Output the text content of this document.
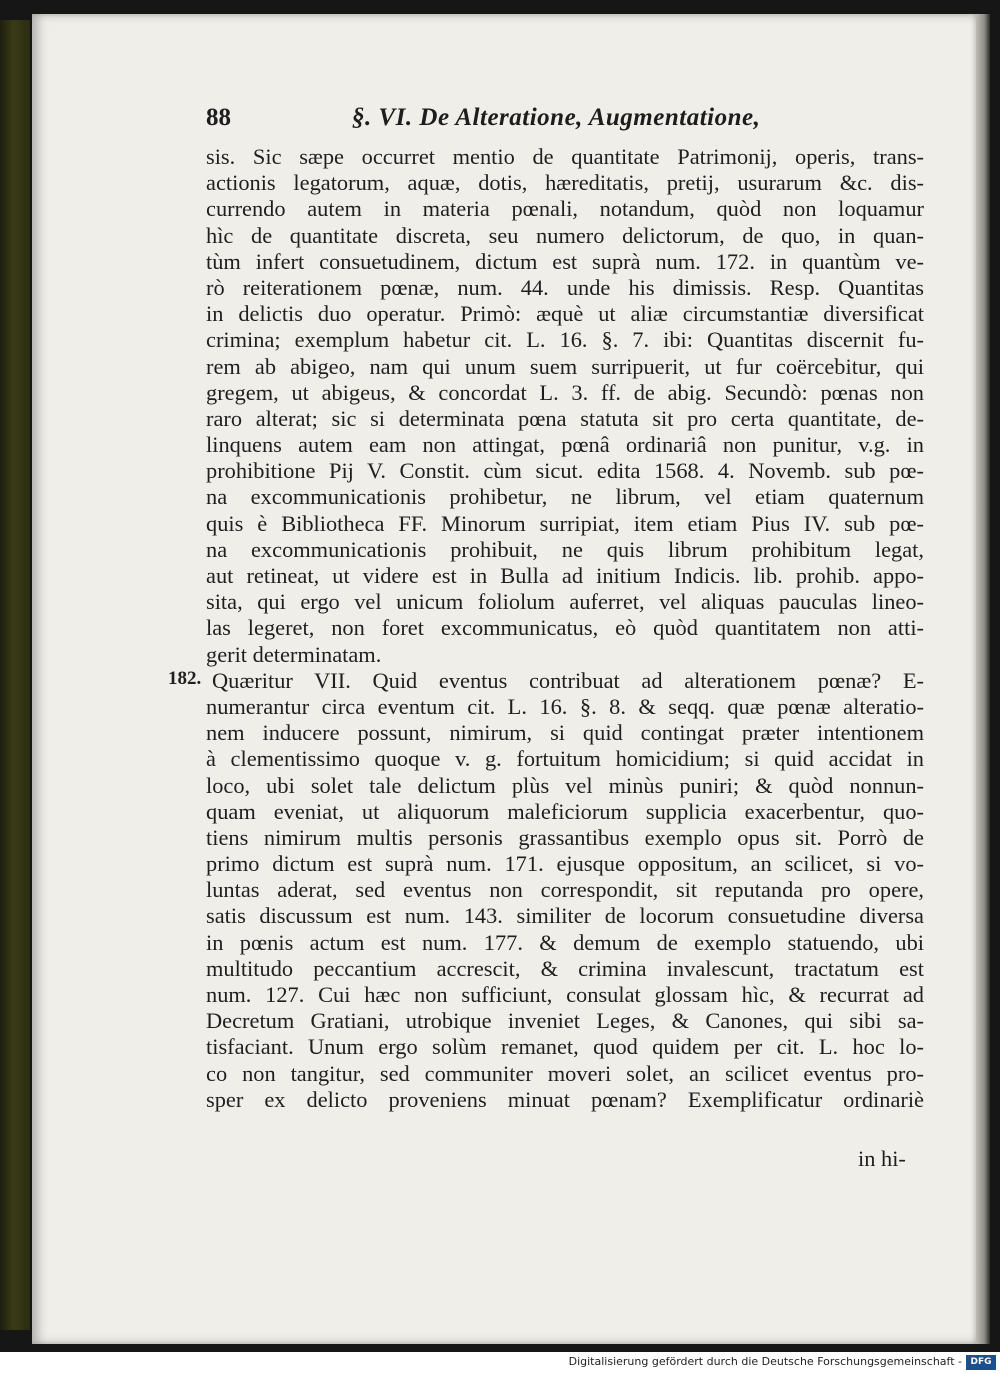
88	§. VI. De Alteratione, Augmentatione,
sis. Sic sæpe occurret mentio de quantitate Patrimonij, operis, trans-
actionis legatorum, aquæ, dotis, hæreditatis, pretij, usurarum &c. dis-
currendo autem in materia pœnali, notandum, quòd non loquamur
hìc de quantitate discreta, seu numero delictorum, de quo, in quan-
tùm infert consuetudinem, dictum est suprà num. 172. in quantùm ve-
rò reiterationem pœnæ, num. 44. unde his dimissis. Resp. Quantitas
in delictis duo operatur. Primò: æquè ut aliæ circumstantiæ diversificat
crimina; exemplum habetur cit. L. 16. §. 7. ibi: Quantitas discernit fu-
rem ab abigeo, nam qui unum suem surripuerit, ut fur coërcebitur, qui
gregem, ut abigeus, & concordat L. 3. ff. de abig. Secundò: pœnas non
raro alterat; sic si determinata pœna statuta sit pro certa quantitate, de-
linquens autem eam non attingat, pœnâ ordinariâ non punitur, v.g. in
prohibitione Pij V. Constit. cùm sicut. edita 1568. 4. Novemb. sub pœ-
na excommunicationis prohibetur, ne librum, vel etiam quaternum
quis è Bibliotheca FF. Minorum surripiat, item etiam Pius IV. sub pœ-
na excommunicationis prohibuit, ne quis librum prohibitum legat,
aut retineat, ut videre est in Bulla ad initium Indicis. lib. prohib. appo-
sita, qui ergo vel unicum foliolum auferret, vel aliquas pauculas lineo-
las legeret, non foret excommunicatus, eò quòd quantitatem non atti-
gerit determinatam.
182. Quæritur VII. Quid eventus contribuat ad alterationem pœnæ? E-
numerantur circa eventum cit. L. 16. §. 8. & seqq. quæ pœnæ alteratio-
nem inducere possunt, nimirum, si quid contingat præter intentionem
à clementissimo quoque v. g. fortuitum homicidium; si quid accidat in
loco, ubi solet tale delictum plùs vel minùs puniri; & quòd nonnun-
quam eveniat, ut aliquorum maleficiorum supplicia exacerbentur, quo-
tiens nimirum multis personis grassantibus exemplo opus sit. Porrò de
primo dictum est suprà num. 171. ejusque oppositum, an scilicet, si vo-
luntas aderat, sed eventus non correspondit, sit reputanda pro opere,
satis discussum est num. 143. similiter de locorum consuetudine diversa
in pœnis actum est num. 177. & demum de exemplo statuendo, ubi
multitudo peccantium accrescit, & crimina invalescunt, tractatum est
num. 127. Cui hæc non sufficiunt, consulat glossam hìc, & recurrat ad
Decretum Gratiani, utrobique inveniet Leges, & Canones, qui sibi sa-
tisfaciant. Unum ergo solùm remanet, quod quidem per cit. L. hoc lo-
co non tangitur, sed communiter moveri solet, an scilicet eventus pro-
sper ex delicto proveniens minuat pœnam? Exemplificatur ordinariè
in hi-
Digitalisierung gefördert durch die Deutsche Forschungsgemeinschaft - DFG
